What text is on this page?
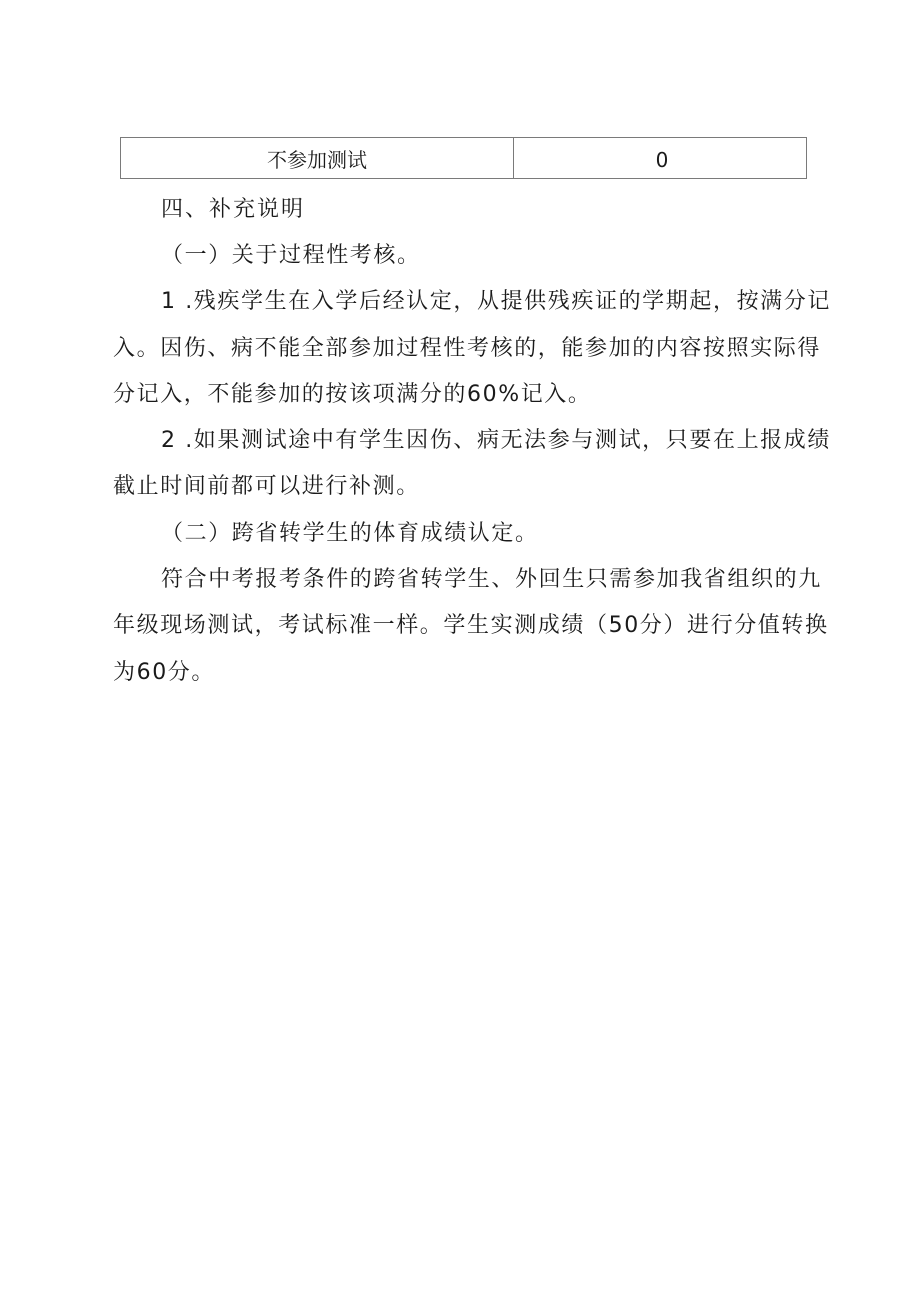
不参加测试	0
四、补充说明
（一）关于过程性考核。
1 .残疾学生在入学后经认定，从提供残疾证的学期起，按满分记
入。因伤、病不能全部参加过程性考核的，能参加的内容按照实际得
分记入，不能参加的按该项满分的60%记入。
2 .如果测试途中有学生因伤、病无法参与测试，只要在上报成绩
截止时间前都可以进行补测。
（二）跨省转学生的体育成绩认定。
符合中考报考条件的跨省转学生、外回生只需参加我省组织的九
年级现场测试，考试标准一样。学生实测成绩（50分）进行分值转换
为60分。
